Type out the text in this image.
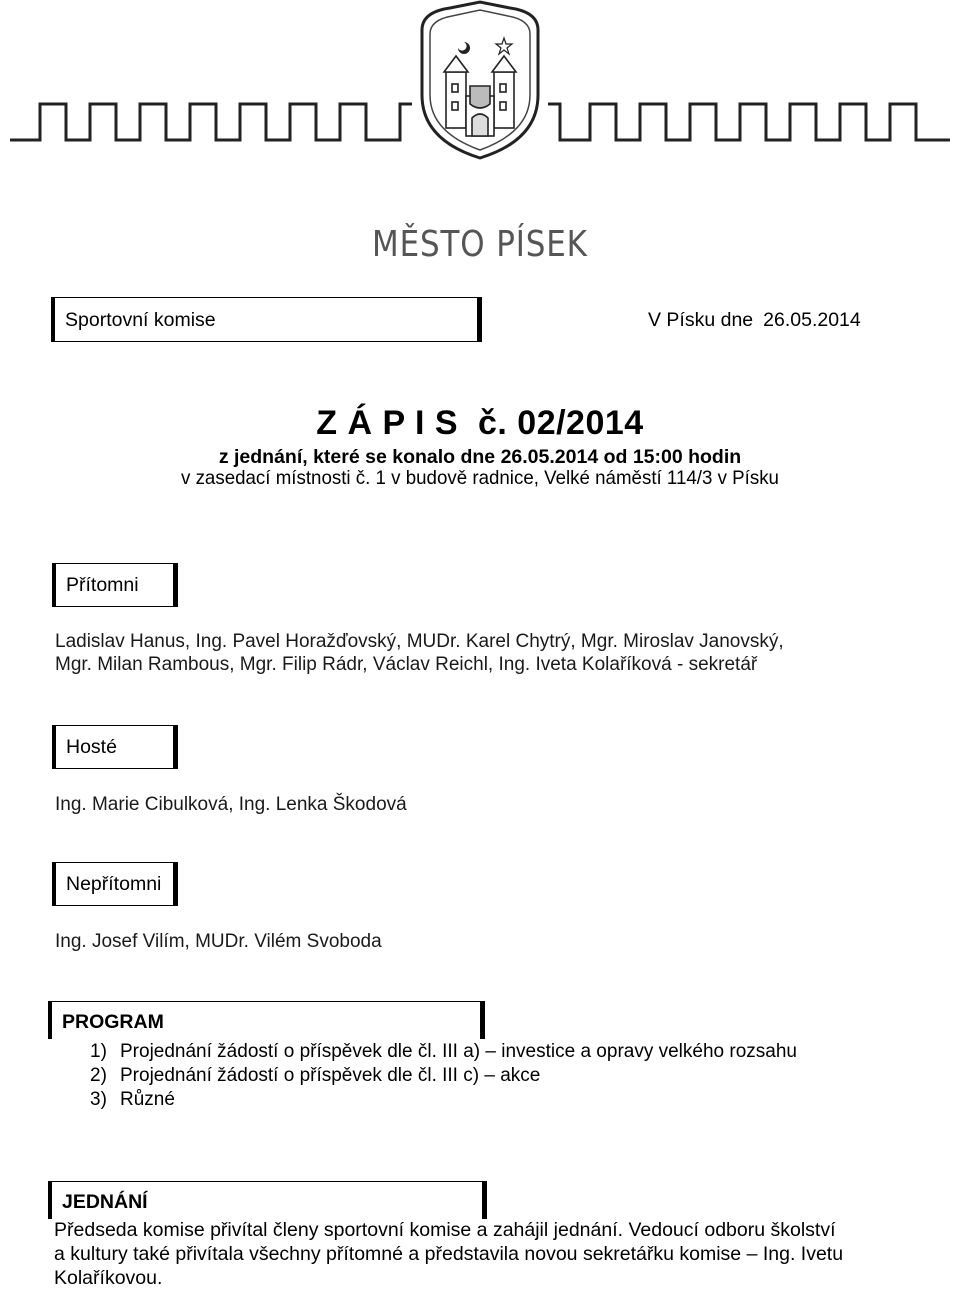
MĚSTO PÍSEK
Sportovní komise	V Písku dne 26.05.2014
Z Á P I S  č. 02/2014
z jednání, které se konalo dne 26.05.2014 od 15:00 hodin
v zasedací místnosti č. 1 v budově radnice, Velké náměstí 114/3 v Písku
Přítomni
Ladislav Hanus, Ing. Pavel Horažďovský, MUDr. Karel Chytrý, Mgr. Miroslav Janovský,
Mgr. Milan Rambous, Mgr. Filip Rádr, Václav Reichl, Ing. Iveta Kolaříková - sekretář
Hosté
Ing. Marie Cibulková, Ing. Lenka Škodová
Nepřítomni
Ing. Josef Vilím, MUDr. Vilém Svoboda
PROGRAM
1) Projednání žádostí o příspěvek dle čl. III a) – investice a opravy velkého rozsahu
2) Projednání žádostí o příspěvek dle čl. III c) – akce
3) Různé
JEDNÁNÍ
Předseda komise přivítal členy sportovní komise a zahájil jednání. Vedoucí odboru školství
a kultury také přivítala všechny přítomné a představila novou sekretářku komise – Ing. Ivetu
Kolaříkovou.
